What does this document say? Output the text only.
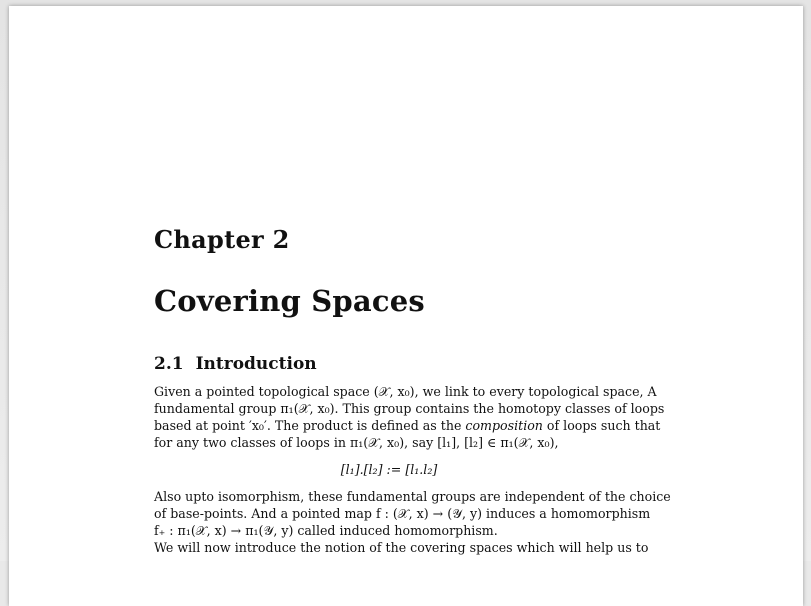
Chapter 2
Covering Spaces
2.1 Introduction

Given a pointed topological space (𝒳, x₀), we link to every topological space, A
fundamental group π₁(𝒳, x₀). This group contains the homotopy classes of loops
based at point ′x₀′. The product is defined as the composition of loops such that
for any two classes of loops in π₁(𝒳, x₀), say [l₁], [l₂] ∈ π₁(𝒳, x₀),

[l₁].[l₂] := [l₁.l₂]

Also upto isomorphism, these fundamental groups are independent of the choice
of base-points. And a pointed map f : (𝒳, x) → (𝒴, y) induces a homomorphism
f₊ : π₁(𝒳, x) → π₁(𝒴, y) called induced homomorphism.
We will now introduce the notion of the covering spaces which will help us to
